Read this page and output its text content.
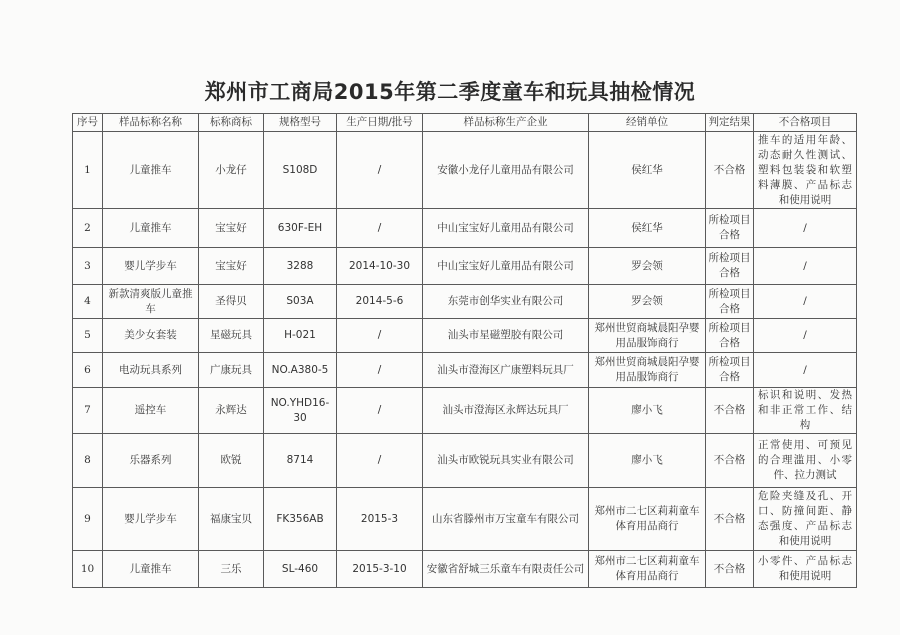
郑州市工商局2015年第二季度童车和玩具抽检情况
序号	样品标称名称	标称商标	规格型号	生产日期/批号	样品标称生产企业	经销单位	判定结果	不合格项目
1	儿童推车	小龙仔	S108D	/	安徽小龙仔儿童用品有限公司	侯红华	不合格	推车的适用年龄、动态耐久性测试、塑料包装袋和软塑料薄膜、产品标志和使用说明
2	儿童推车	宝宝好	630F-EH	/	中山宝宝好儿童用品有限公司	侯红华	所检项目合格	/
3	婴儿学步车	宝宝好	3288	2014-10-30	中山宝宝好儿童用品有限公司	罗会领	所检项目合格	/
4	新款清爽版儿童推车	圣得贝	S03A	2014-5-6	东莞市创华实业有限公司	罗会领	所检项目合格	/
5	美少女套装	星磁玩具	H-021	/	汕头市星磁塑胶有限公司	郑州世贸商城晨阳孕婴用品服饰商行	所检项目合格	/
6	电动玩具系列	广康玩具	NO.A380-5	/	汕头市澄海区广康塑料玩具厂	郑州世贸商城晨阳孕婴用品服饰商行	所检项目合格	/
7	遥控车	永辉达	NO.YHD16-30	/	汕头市澄海区永辉达玩具厂	廖小飞	不合格	标识和说明、发热和非正常工作、结构
8	乐器系列	欧锐	8714	/	汕头市欧锐玩具实业有限公司	廖小飞	不合格	正常使用、可预见的合理滥用、小零件、拉力测试
9	婴儿学步车	福康宝贝	FK356AB	2015-3	山东省滕州市万宝童车有限公司	郑州市二七区莉莉童车体育用品商行	不合格	危险夹缝及孔、开口、防撞间距、静态强度、产品标志和使用说明
10	儿童推车	三乐	SL-460	2015-3-10	安徽省舒城三乐童车有限责任公司	郑州市二七区莉莉童车体育用品商行	不合格	小零件、产品标志和使用说明
